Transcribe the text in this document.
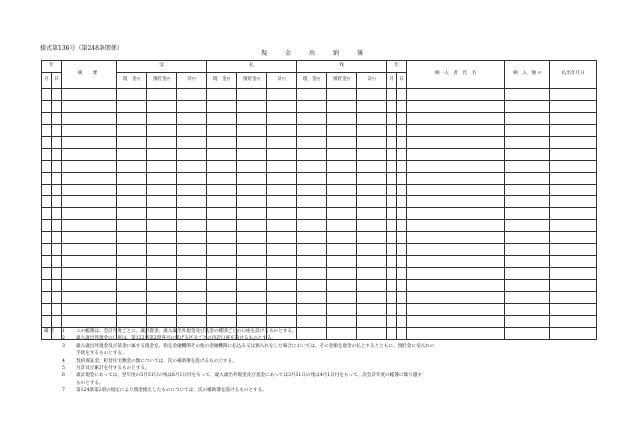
様式第136号（第248条関係）
現　金　出　納　簿
年		摘　要	受			払			残			年		納　入　者　氏　名	納　入　額 円	払出年月日
月	日		現　金円	預貯金円	計円	現　金円	預貯金円	計円	現　金円	預貯金円	計円	月	日			

備考	1	この帳簿は、会計年度ごとに、歳計資金、歳入歳出外現金及び基金の種別ごとの口座を設けるものとする。
2	歳入歳出外現金の口座は、第122条第2項各号に掲げる区分ごとの内訳口座を設けるものとする。
3	歳入歳出外現金及び基金に属する現金を、指定金融機関その他の金融機関に払込み又は預入れをした場合においては、その金額を現金の払とするとともに、預貯金に受入れの
手続をするものとする。
4	契約保証金、町営住宅敷金の類については、次の補助簿を設けるものとする。
5	月計及び累計を付するものとする。
6	歳計現金にあっては、翌年度の5月31日の残は6月1日付をもって、歳入歳出外現金及び基金にあっては3月31日の残は4月1日付をもって、次会計年度の帳簿に繰り越す
ものとする。
7	第124条第2項の規定により預金換えしたものについては、次の補助簿を設けるものとする。
